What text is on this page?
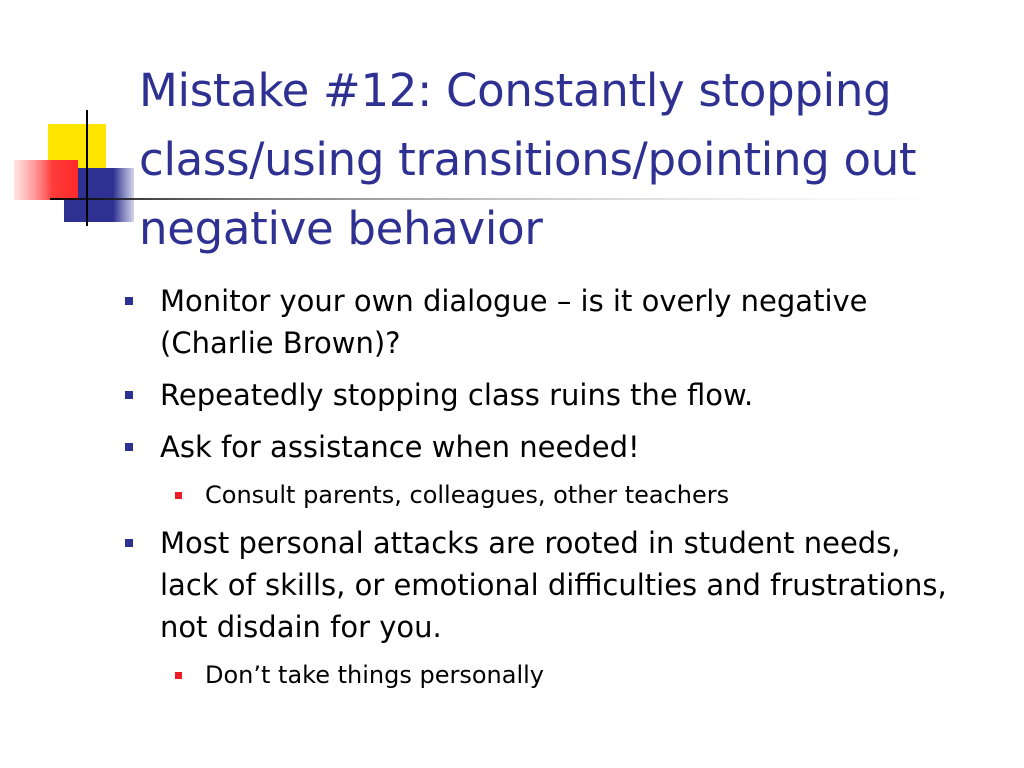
Mistake #12: Constantly stopping class/using transitions/pointing out negative behavior
Monitor your own dialogue – is it overly negative (Charlie Brown)?
Repeatedly stopping class ruins the flow.
Ask for assistance when needed!
Consult parents, colleagues, other teachers
Most personal attacks are rooted in student needs, lack of skills, or emotional difficulties and frustrations, not disdain for you.
Don’t take things personally
